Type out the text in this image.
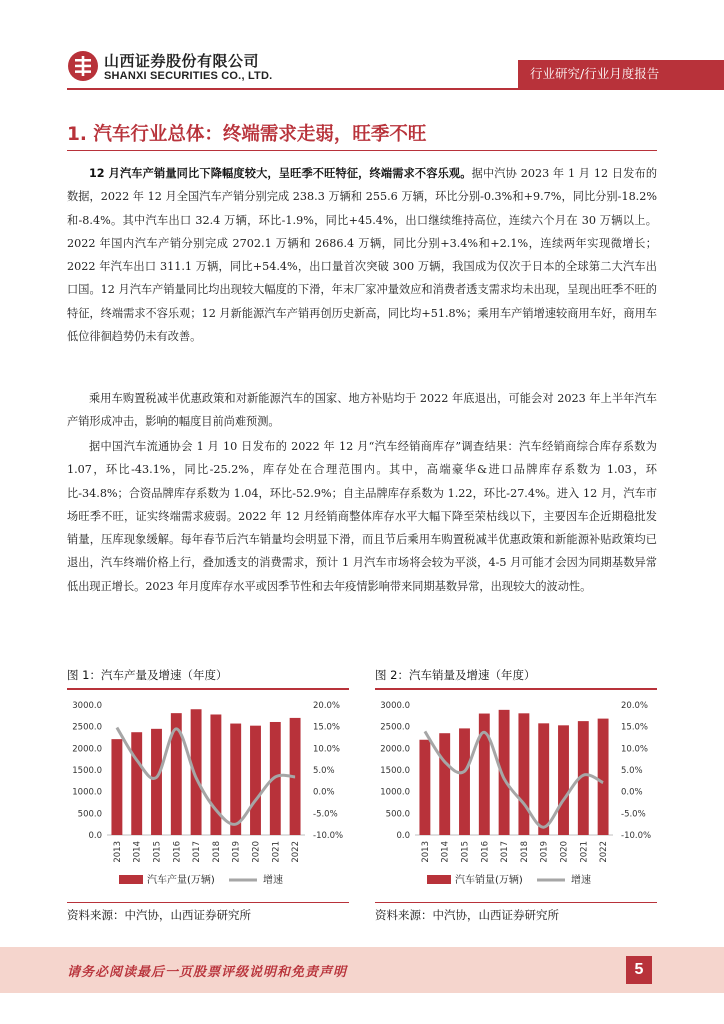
山西证券股份有限公司
SHANXI SECURITIES CO., LTD.	行业研究/行业月度报告
1. 汽车行业总体：终端需求走弱，旺季不旺

12 月汽车产销量同比下降幅度较大，呈旺季不旺特征，终端需求不容乐观。据中汽协 2023 年 1 月 12 日发布的数据，2022 年 12 月全国汽车产销分别完成 238.3 万辆和 255.6 万辆，环比分别-0.3%和+9.7%，同比分别-18.2%和-8.4%。其中汽车出口 32.4 万辆，环比-1.9%，同比+45.4%，出口继续维持高位，连续六个月在 30 万辆以上。2022 年国内汽车产销分别完成 2702.1 万辆和 2686.4 万辆，同比分别+3.4%和+2.1%，连续两年实现微增长；2022 年汽车出口 311.1 万辆，同比+54.4%，出口量首次突破 300 万辆，我国成为仅次于日本的全球第二大汽车出口国。12 月汽车产销量同比均出现较大幅度的下滑，年末厂家冲量效应和消费者透支需求均未出现，呈现出旺季不旺的特征，终端需求不容乐观；12 月新能源汽车产销再创历史新高，同比均+51.8%；乘用车产销增速较商用车好，商用车低位徘徊趋势仍未有改善。

乘用车购置税减半优惠政策和对新能源汽车的国家、地方补贴均于 2022 年底退出，可能会对 2023 年上半年汽车产销形成冲击，影响的幅度目前尚难预测。

据中国汽车流通协会 1 月 10 日发布的 2022 年 12 月“汽车经销商库存”调查结果：汽车经销商综合库存系数为 1.07，环比-43.1%，同比-25.2%，库存处在合理范围内。其中，高端豪华&进口品牌库存系数为 1.03，环比-34.8%；合资品牌库存系数为 1.04，环比-52.9%；自主品牌库存系数为 1.22，环比-27.4%。进入 12 月，汽车市场旺季不旺，证实终端需求疲弱。2022 年 12 月经销商整体库存水平大幅下降至荣枯线以下，主要因车企近期稳批发销量，压库现象缓解。每年春节后汽车销量均会明显下滑，而且节后乘用车购置税减半优惠政策和新能源补贴政策均已退出，汽车终端价格上行，叠加透支的消费需求，预计 1 月汽车市场将会较为平淡，4-5 月可能才会因为同期基数异常低出现正增长。2023 年月度库存水平或因季节性和去年疫情影响带来同期基数异常，出现较大的波动性。

图 1：汽车产量及增速（年度）
3000.0
2500.0
2000.0
1500.0
1000.0
500.0
0.0
20.0%
15.0%
10.0%
5.0%
0.0%
-5.0%
-10.0%
2013 2014 2015 2016 2017 2018 2019 2020 2021 2022
汽车产量(万辆)	增速
资料来源：中汽协，山西证券研究所
图 2：汽车销量及增速（年度）
3000.0
2500.0
2000.0
1500.0
1000.0
500.0
0.0
20.0%
15.0%
10.0%
5.0%
0.0%
-5.0%
-10.0%
2013 2014 2015 2016 2017 2018 2019 2020 2021 2022
汽车销量(万辆)	增速
资料来源：中汽协，山西证券研究所
请务必阅读最后一页股票评级说明和免责声明	5
